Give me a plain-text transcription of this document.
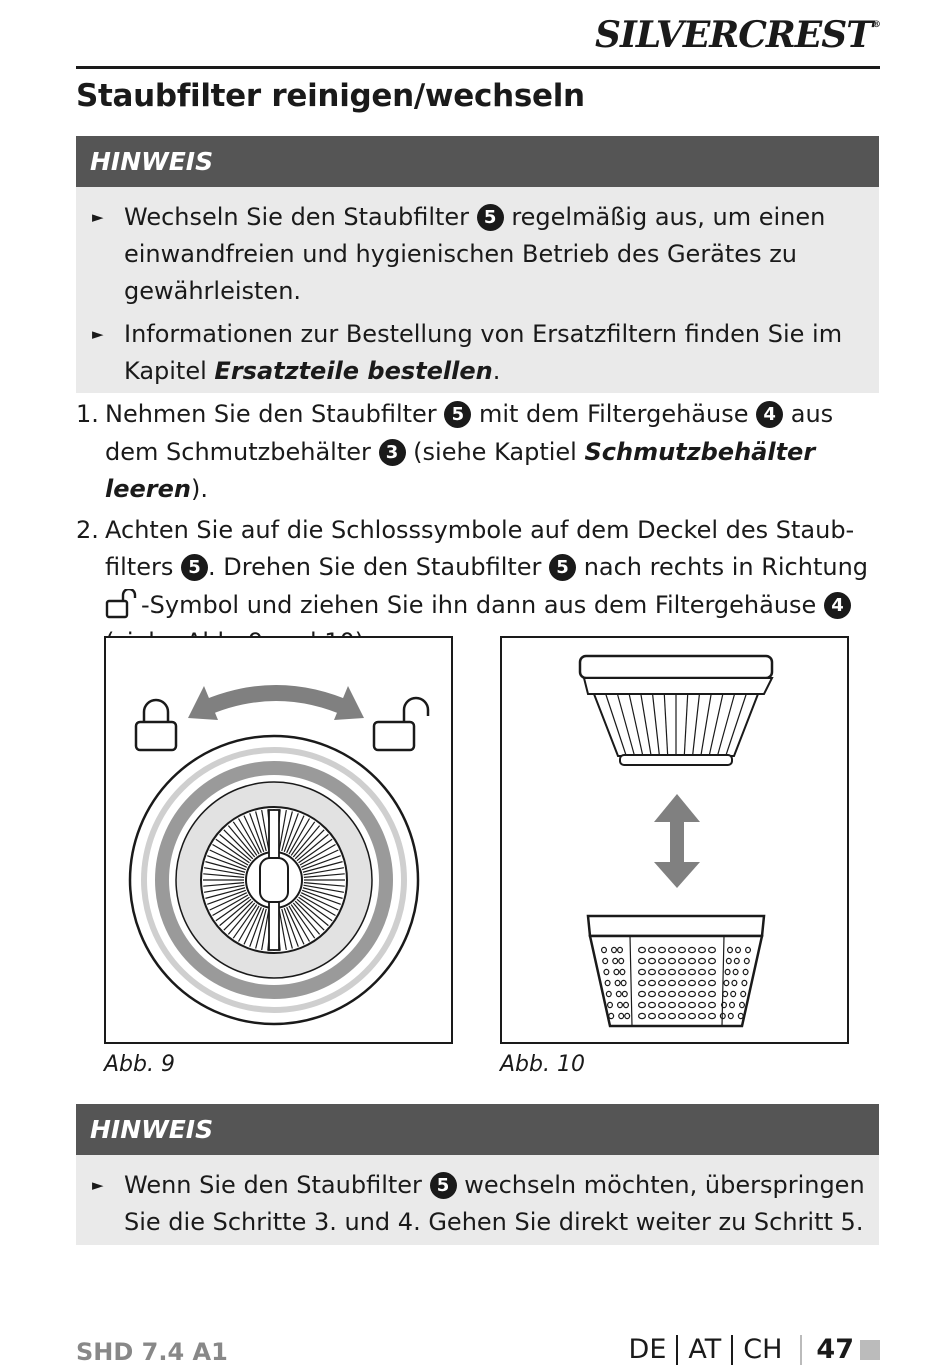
SILVERCREST®
Staubfilter reinigen/wechseln
HINWEIS
► Wechseln Sie den Staubfilter 5 regelmäßig aus, um einen einwandfreien und hygienischen Betrieb des Gerätes zu gewährleisten.
► Informationen zur Bestellung von Ersatzfiltern finden Sie im Kapitel Ersatzteile bestellen.
1. Nehmen Sie den Staubfilter 5 mit dem Filtergehäuse 4 aus dem Schmutzbehälter 3 (siehe Kaptiel Schmutzbehälter leeren).
2. Achten Sie auf die Schlosssymbole auf dem Deckel des Staub-filters 5 . Drehen Sie den Staubfilter 5 nach rechts in Richtung -Symbol und ziehen Sie ihn dann aus dem Filtergehäuse 4
Abb. 9	Abb. 10
HINWEIS
► Wenn Sie den Staubfilter 5 wechseln möchten, überspringen Sie die Schritte 3. und 4. Gehen Sie direkt weiter zu Schritt 5.
SHD 7.4 A1	DE AT CH 47
